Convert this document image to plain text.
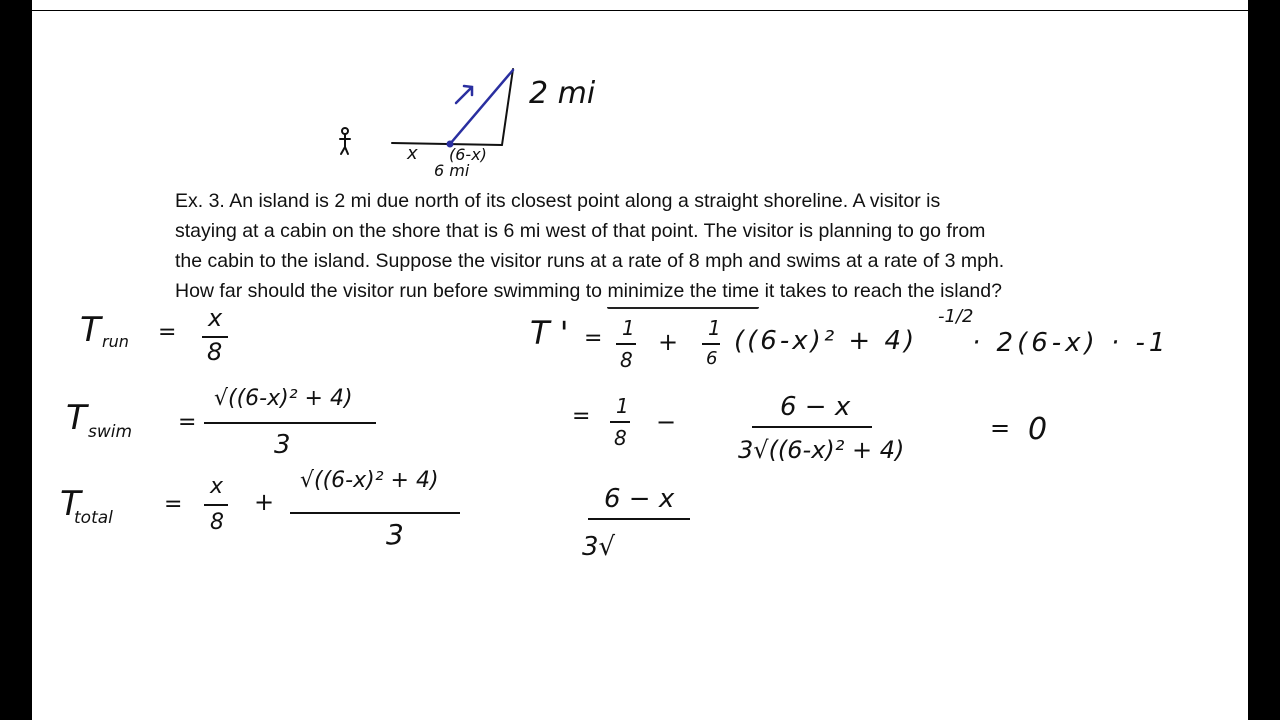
2 mi
x (6-x)
6 mi
Ex. 3. An island is 2 mi due north of its closest point along a straight shoreline. A visitor is
staying at a cabin on the shore that is 6 mi west of that point. The visitor is planning to go from
the cabin to the island. Suppose the visitor runs at a rate of 8 mph and swims at a rate of 3 mph.
How far should the visitor run before swimming to minimize the time it takes to reach the island?
T run =
x
8
T swim =
√((6-x)² + 4)
3
T
total
=
x
8
+
√((6-x)² + 4)
3
T ' = 1
8
+ 1
6
((6-x)² + 4)
-1/2
· 2(6-x) · -1
= 1
8
−	6 − x
3√((6-x)² + 4)
= 0
6 − x
3√
